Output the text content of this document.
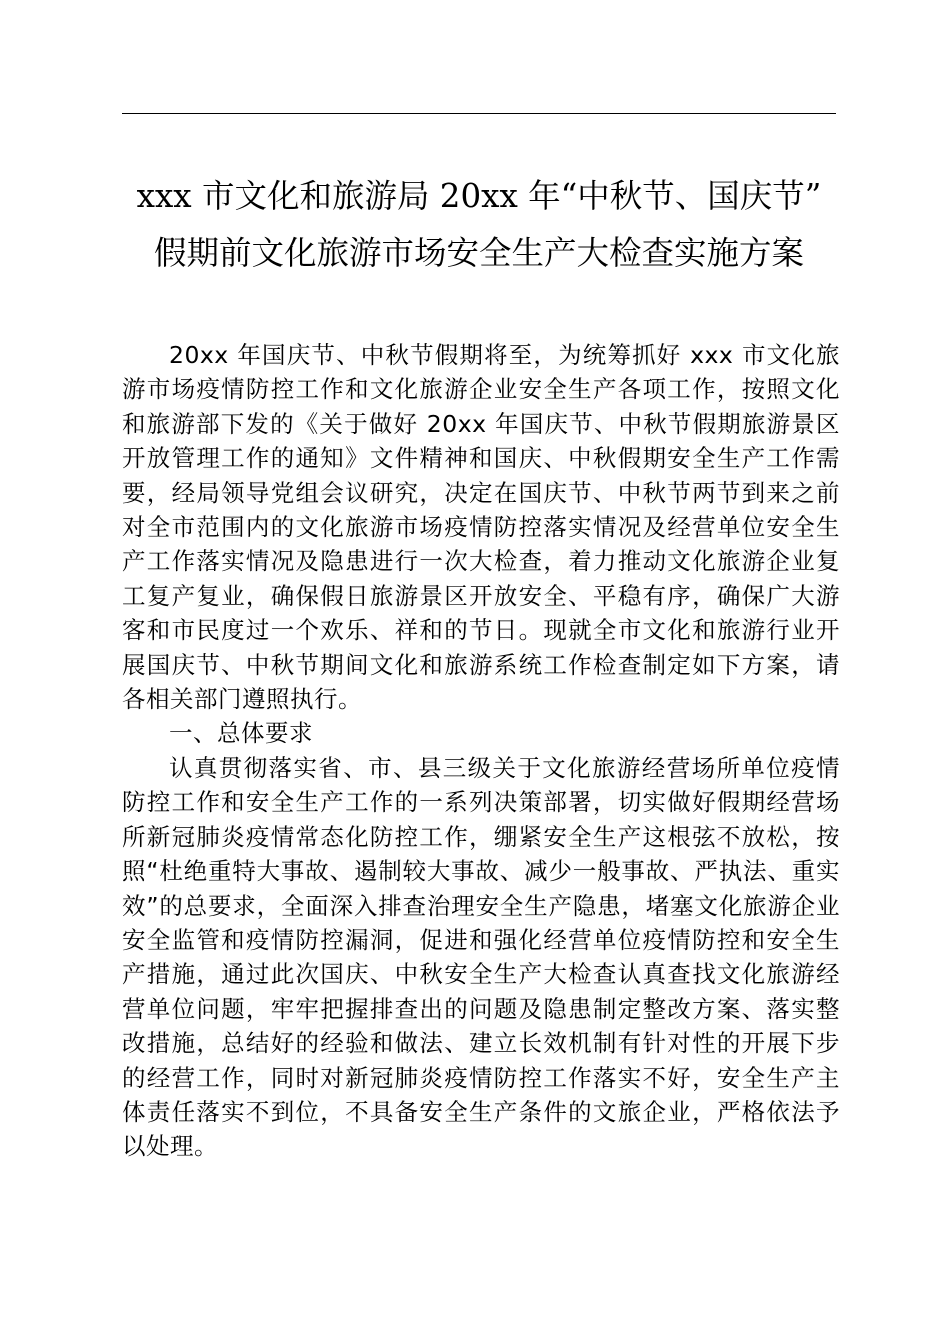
xxx 市文化和旅游局 20xx 年“中秋节、国庆节”
假期前文化旅游市场安全生产大检查实施方案

20xx 年国庆节、中秋节假期将至，为统筹抓好 xxx 市文化旅游市场疫情防控工作和文化旅游企业安全生产各项工作，按照文化和旅游部下发的《关于做好 20xx 年国庆节、中秋节假期旅游景区开放管理工作的通知》文件精神和国庆、中秋假期安全生产工作需要，经局领导党组会议研究，决定在国庆节、中秋节两节到来之前对全市范围内的文化旅游市场疫情防控落实情况及经营单位安全生产工作落实情况及隐患进行一次大检查，着力推动文化旅游企业复工复产复业，确保假日旅游景区开放安全、平稳有序，确保广大游客和市民度过一个欢乐、祥和的节日。现就全市文化和旅游行业开展国庆节、中秋节期间文化和旅游系统工作检查制定如下方案，请各相关部门遵照执行。

一、总体要求

认真贯彻落实省、市、县三级关于文化旅游经营场所单位疫情防控工作和安全生产工作的一系列决策部署，切实做好假期经营场所新冠肺炎疫情常态化防控工作，绷紧安全生产这根弦不放松，按照“杜绝重特大事故、遏制较大事故、减少一般事故、严执法、重实效”的总要求，全面深入排查治理安全生产隐患，堵塞文化旅游企业安全监管和疫情防控漏洞，促进和强化经营单位疫情防控和安全生产措施，通过此次国庆、中秋安全生产大检查认真查找文化旅游经营单位问题，牢牢把握排查出的问题及隐患制定整改方案、落实整改措施，总结好的经验和做法、建立长效机制有针对性的开展下步的经营工作，同时对新冠肺炎疫情防控工作落实不好，安全生产主体责任落实不到位，不具备安全生产条件的文旅企业，严格依法予以处理。
